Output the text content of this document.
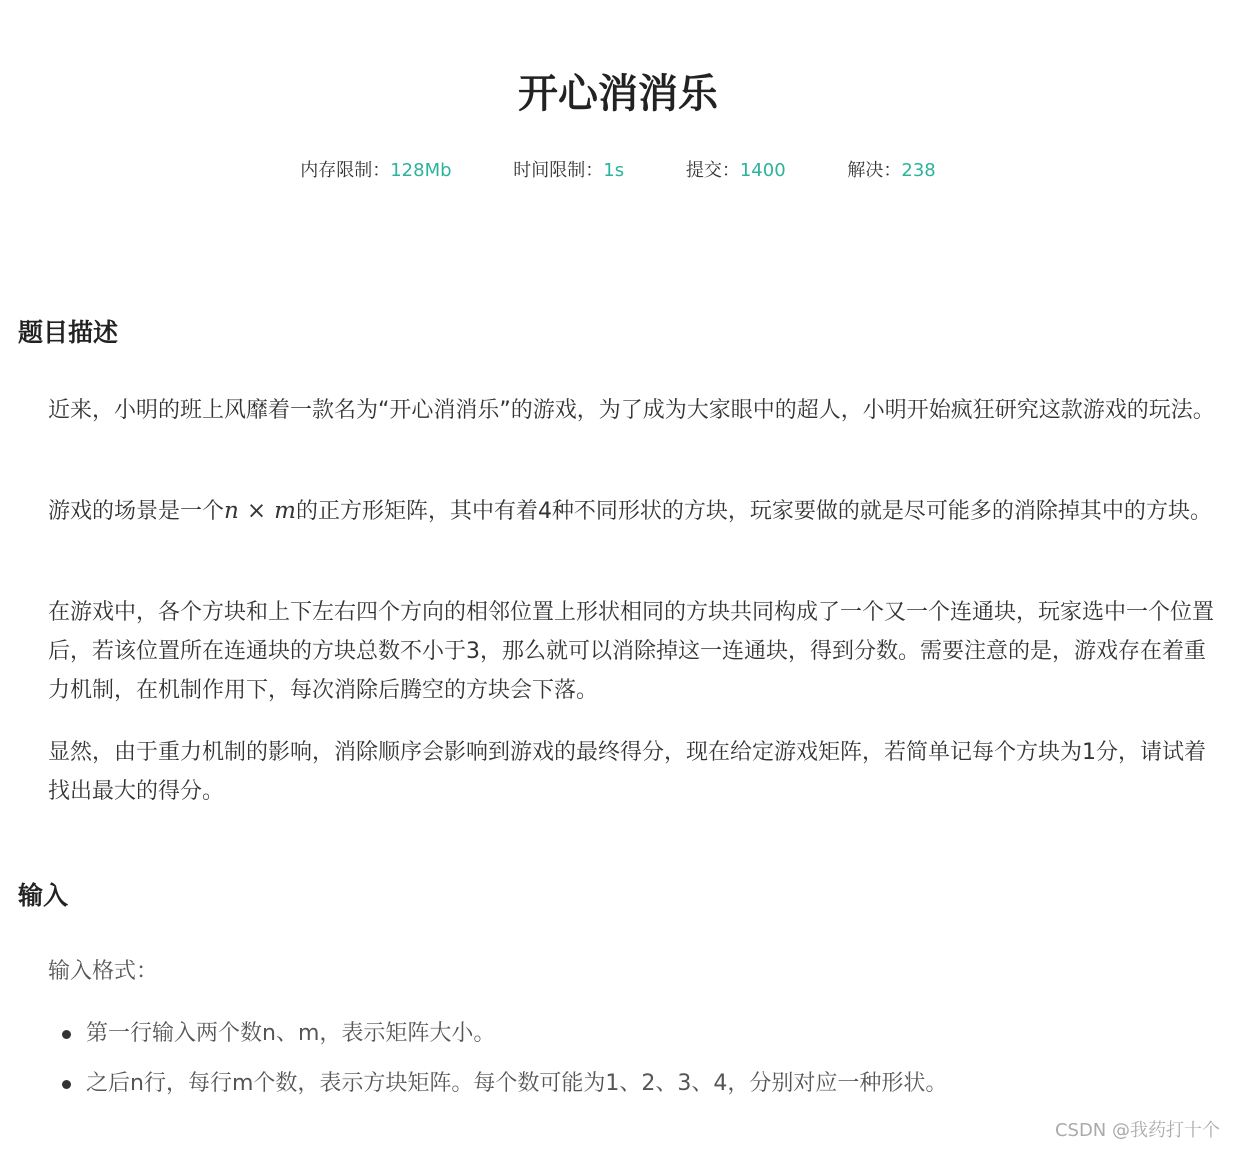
开心消消乐
内存限制：128Mb	时间限制：1s	提交：1400	解决：238
题目描述
近来，小明的班上风靡着一款名为“开心消消乐”的游戏，为了成为大家眼中的超人，小明开始疯狂研究这款游戏的玩法。
游戏的场景是一个n × m的正方形矩阵，其中有着4种不同形状的方块，玩家要做的就是尽可能多的消除掉其中的方块。
在游戏中，各个方块和上下左右四个方向的相邻位置上形状相同的方块共同构成了一个又一个连通块，玩家选中一个位置后，若该位置所在连通块的方块总数不小于3，那么就可以消除掉这一连通块，得到分数。需要注意的是，游戏存在着重力机制，在机制作用下，每次消除后腾空的方块会下落。
显然，由于重力机制的影响，消除顺序会影响到游戏的最终得分，现在给定游戏矩阵，若简单记每个方块为1分，请试着找出最大的得分。
输入
输入格式：
第一行输入两个数n、m，表示矩阵大小。
之后n行，每行m个数，表示方块矩阵。每个数可能为1、2、3、4，分别对应一种形状。
CSDN @我药打十个
